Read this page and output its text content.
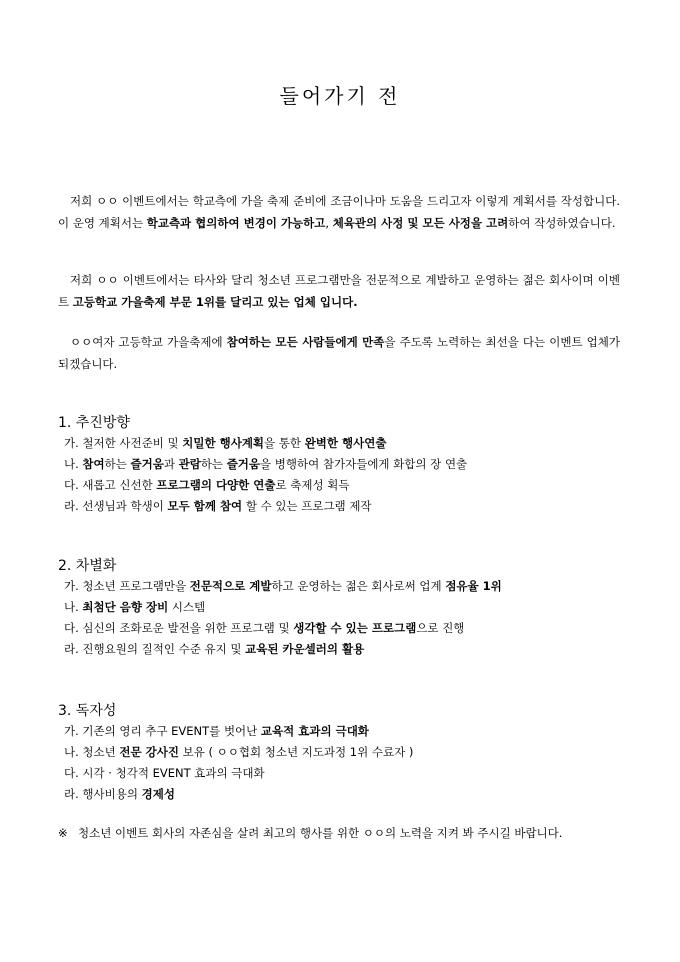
들어가기 전
저희 ㅇㅇ 이벤트에서는 학교측에 가을 축제 준비에 조금이나마 도움을 드리고자 이렇게 계획서를 작성합니다. 이 운영 계획서는 학교측과 협의하여 변경이 가능하고, 체육관의 사정 및 모든 사정을 고려하여 작성하였습니다.
저희 ㅇㅇ 이벤트에서는 타사와 달리 청소년 프로그램만을 전문적으로 계발하고 운영하는 젊은 회사이며 이벤트 고등학교 가을축제 부문 1위를 달리고 있는 업체 입니다.
ㅇㅇ여자 고등학교 가을축제에 참여하는 모든 사람들에게 만족을 주도록 노력하는 최선을 다는 이벤트 업체가 되겠습니다.
1. 추진방향
가. 철저한 사전준비 및 치밀한 행사계획을 통한 완벽한 행사연출
나. 참여하는 즐거움과 관람하는 즐거움을 병행하여 참가자들에게 화합의 장 연출
다. 새롭고 신선한 프로그램의 다양한 연출로 축제성 획득
라. 선생님과 학생이 모두 함께 참여 할 수 있는 프로그램 제작
2. 차별화
가. 청소년 프로그램만을 전문적으로 계발하고 운영하는 젊은 회사로써 업계 점유율 1위
나. 최첨단 음향 장비 시스템
다. 심신의 조화로운 발전을 위한 프로그램 및 생각할 수 있는 프로그램으로 진행
라. 진행요원의 질적인 수준 유지 및 교육된 카운셀러의 활용
3. 독자성
가. 기존의 영리 추구 EVENT를 벗어난 교육적 효과의 극대화
나. 청소년 전문 강사진 보유 ( ㅇㅇ협회 청소년 지도과정 1위 수료자 )
다. 시각 · 청각적 EVENT 효과의 극대화
라. 행사비용의 경제성
※ 청소년 이벤트 회사의 자존심을 살려 최고의 행사를 위한 ㅇㅇ의 노력을 지켜 봐 주시길 바랍니다.
